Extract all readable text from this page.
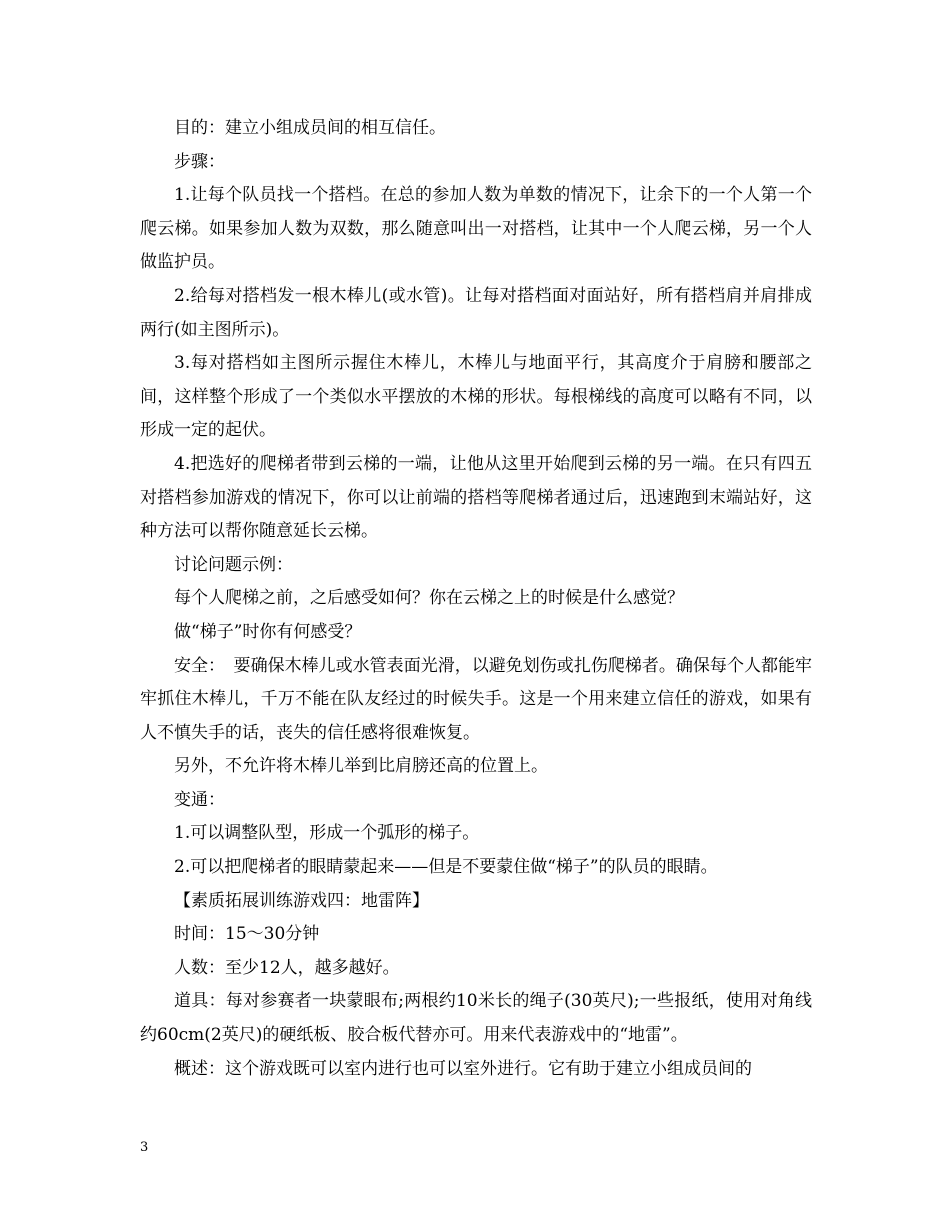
目的：建立小组成员间的相互信任。

步骤：

1.让每个队员找一个搭档。在总的参加人数为单数的情况下，让余下的一个人第一个爬云梯。如果参加人数为双数，那么随意叫出一对搭档，让其中一个人爬云梯，另一个人做监护员。

2.给每对搭档发一根木棒儿(或水管)。让每对搭档面对面站好，所有搭档肩并肩排成两行(如主图所示)。

3.每对搭档如主图所示握住木棒儿，木棒儿与地面平行，其高度介于肩膀和腰部之间，这样整个形成了一个类似水平摆放的木梯的形状。每根梯线的高度可以略有不同，以形成一定的起伏。

4.把选好的爬梯者带到云梯的一端，让他从这里开始爬到云梯的另一端。在只有四五对搭档参加游戏的情况下，你可以让前端的搭档等爬梯者通过后，迅速跑到末端站好，这种方法可以帮你随意延长云梯。

讨论问题示例：

每个人爬梯之前，之后感受如何？你在云梯之上的时候是什么感觉？

做“梯子”时你有何感受？

安全：　要确保木棒儿或水管表面光滑，以避免划伤或扎伤爬梯者。确保每个人都能牢牢抓住木棒儿，千万不能在队友经过的时候失手。这是一个用来建立信任的游戏，如果有人不慎失手的话，丧失的信任感将很难恢复。

另外，不允许将木棒儿举到比肩膀还高的位置上。

变通：

1.可以调整队型，形成一个弧形的梯子。

2.可以把爬梯者的眼睛蒙起来——但是不要蒙住做“梯子”的队员的眼睛。

【素质拓展训练游戏四：地雷阵】

时间：15～30分钟

人数：至少12人，越多越好。

道具：每对参赛者一块蒙眼布;两根约10米长的绳子(30英尺);一些报纸，使用对角线约60cm(2英尺)的硬纸板、胶合板代替亦可。用来代表游戏中的“地雷”。

概述：这个游戏既可以室内进行也可以室外进行。它有助于建立小组成员间的

3
